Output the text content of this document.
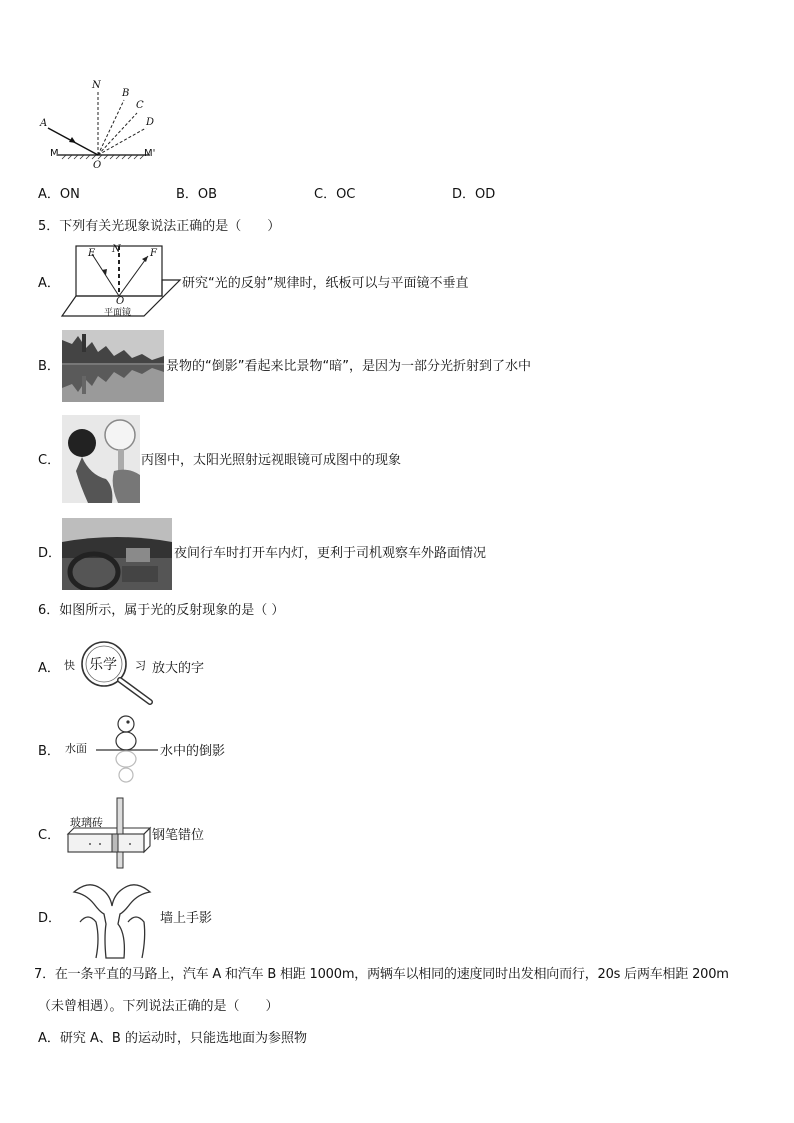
N
B
C
D
A
M	M'
O
A．ON	B．OB	C．OC	D．OD
5．下列有关光现象说法正确的是（　　）
A．
E N	F
O
平面镜
研究“光的反射”规律时，纸板可以与平面镜不垂直
B．	景物的“倒影”看起来比景物“暗”，是因为一部分光折射到了水中
C．	丙图中，太阳光照射远视眼镜可成图中的现象
D．	夜间行车时打开车内灯，更利于司机观察车外路面情况
6．如图所示，属于光的反射现象的是（ ）
A． 快 乐学 习 放大的字
B． 水面	水中的倒影
C．
玻璃砖
钢笔错位
D．	墙上手影
7．在一条平直的马路上，汽车 A 和汽车 B 相距 1000m，两辆车以相同的速度同时出发相向而行，20s 后两车相距 200m
（未曾相遇）。下列说法正确的是（　　）
A．研究 A、B 的运动时，只能选地面为参照物
